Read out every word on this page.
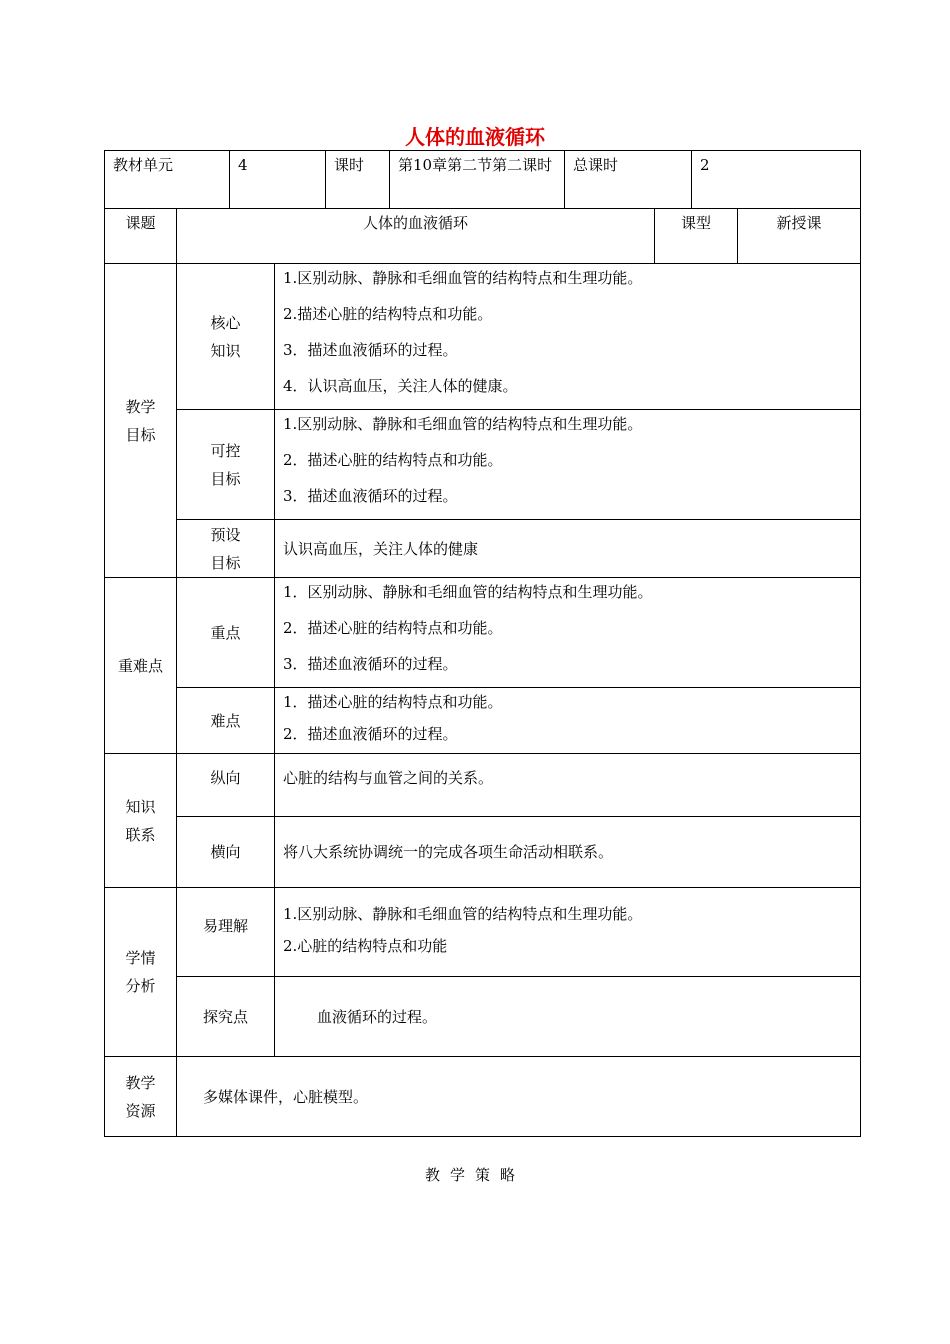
人体的血液循环
教材单元	4	课时	第10章第二节第二课时	总课时	2
课题	人体的血液循环	课型	新授课
教学目标	核心知识	1.区别动脉、静脉和毛细血管的结构特点和生理功能。
2.描述心脏的结构特点和功能。
3．描述血液循环的过程。
4．认识高血压，关注人体的健康。

	可控目标	1.区别动脉、静脉和毛细血管的结构特点和生理功能。
2．描述心脏的结构特点和功能。
3．描述血液循环的过程。

	预设目标	认识高血压，关注人体的健康
重难点	重点	1．区别动脉、静脉和毛细血管的结构特点和生理功能。
2．描述心脏的结构特点和功能。
3．描述血液循环的过程。

	难点	1．描述心脏的结构特点和功能。
2．描述血液循环的过程。

知识联系	纵向	心脏的结构与血管之间的关系。
	横向	将八大系统协调统一的完成各项生命活动相联系。
学情分析	易理解	1.区别动脉、静脉和毛细血管的结构特点和生理功能。
2.心脏的结构特点和功能

	探究点	血液循环的过程。
教学资源	多媒体课件，心脏模型。	

教学策略
